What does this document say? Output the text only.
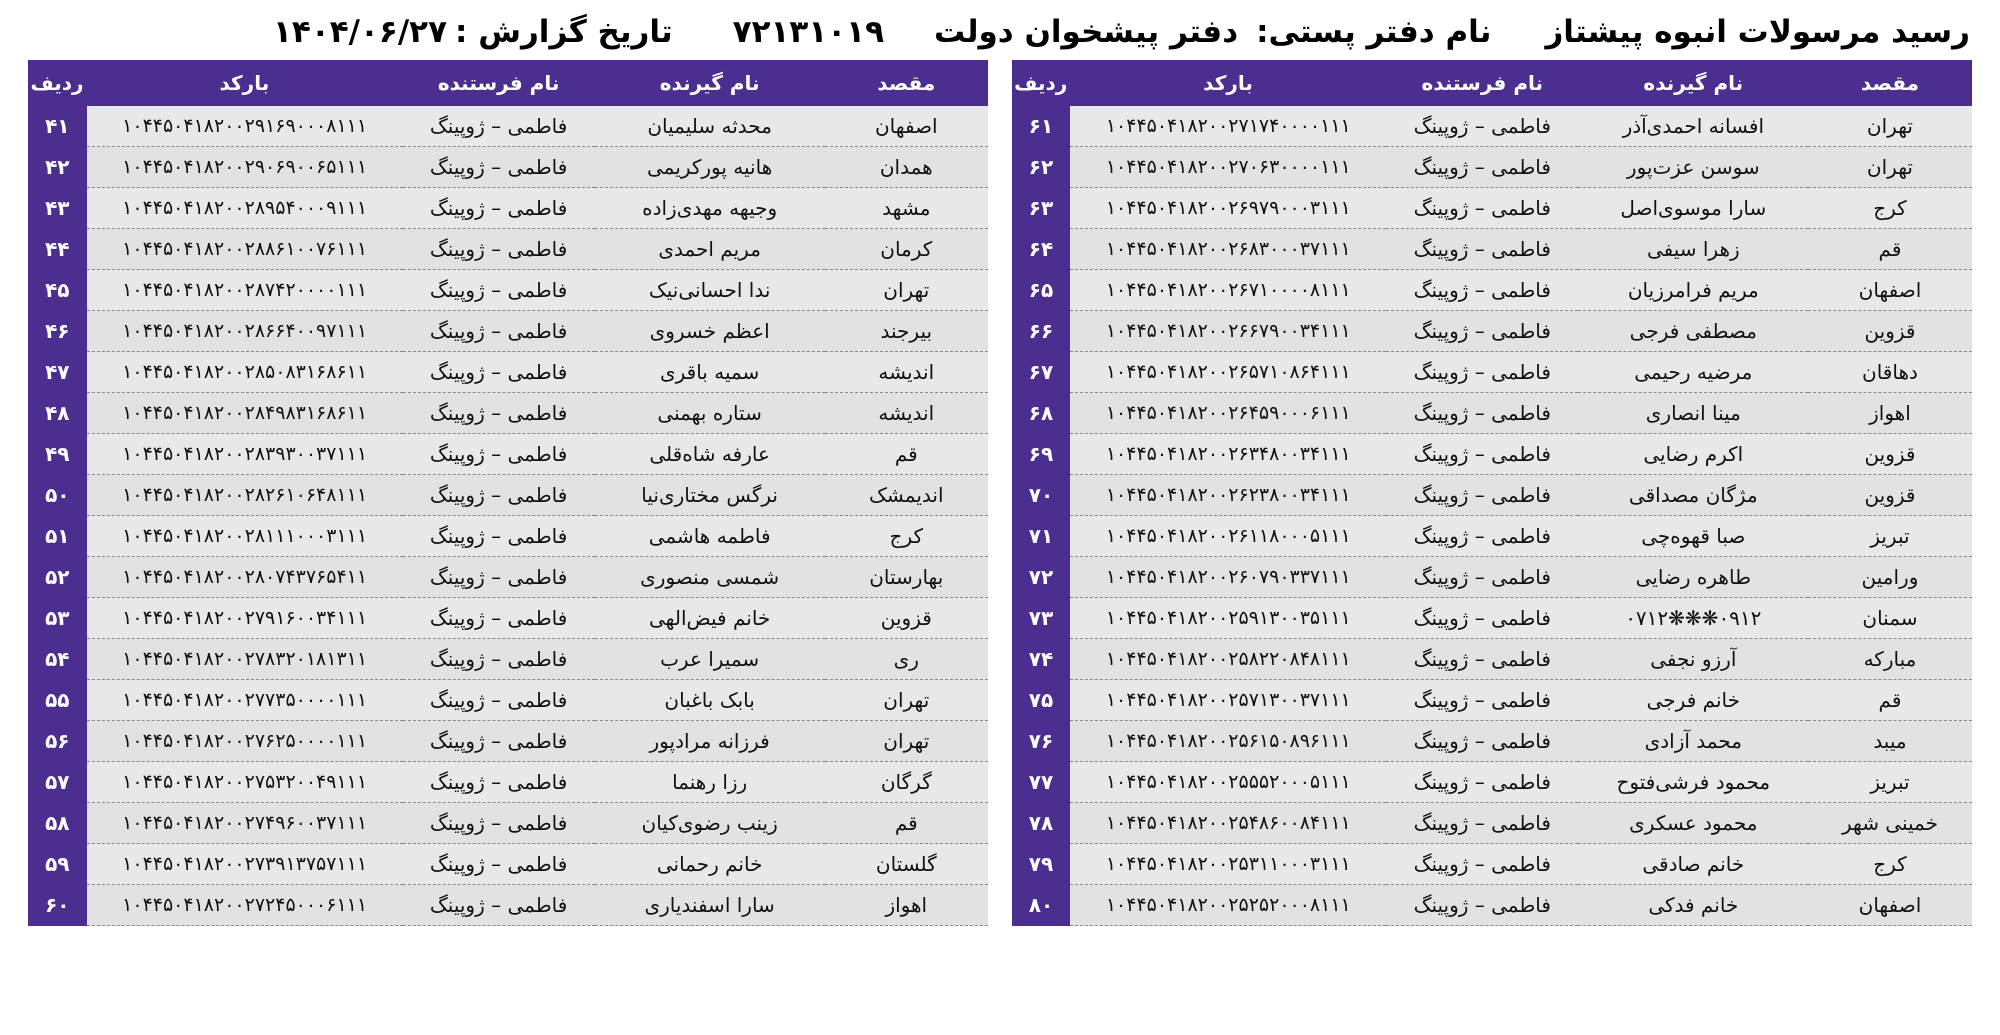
رسید مرسولات انبوه پیشتاز
نام دفتر پستی:
دفتر پیشخوان دولت
۷۲۱۳۱۰۱۹
تاریخ گزارش :
۱۴۰۴/۰۶/۲۷
مقصد	نام گیرنده	نام فرستنده	بارکد	ردیف
تهران	افسانه احمدی‌آذر	فاطمی – ژوپینگ	۱۰۴۴۵۰۴۱۸۲۰۰۲۷۱۷۴۰۰۰۰۱۱۱	۶۱
تهران	سوسن عزت‌پور	فاطمی – ژوپینگ	۱۰۴۴۵۰۴۱۸۲۰۰۲۷۰۶۳۰۰۰۰۱۱۱	۶۲
کرج	سارا موسوی‌اصل	فاطمی – ژوپینگ	۱۰۴۴۵۰۴۱۸۲۰۰۲۶۹۷۹۰۰۰۳۱۱۱	۶۳
قم	زهرا سیفی	فاطمی – ژوپینگ	۱۰۴۴۵۰۴۱۸۲۰۰۲۶۸۳۰۰۰۳۷۱۱۱	۶۴
اصفهان	مریم فرامرزیان	فاطمی – ژوپینگ	۱۰۴۴۵۰۴۱۸۲۰۰۲۶۷۱۰۰۰۰۸۱۱۱	۶۵
قزوین	مصطفی فرجی	فاطمی – ژوپینگ	۱۰۴۴۵۰۴۱۸۲۰۰۲۶۶۷۹۰۰۳۴۱۱۱	۶۶
دهاقان	مرضیه رحیمی	فاطمی – ژوپینگ	۱۰۴۴۵۰۴۱۸۲۰۰۲۶۵۷۱۰۸۶۴۱۱۱	۶۷
اهواز	مینا انصاری	فاطمی – ژوپینگ	۱۰۴۴۵۰۴۱۸۲۰۰۲۶۴۵۹۰۰۰۶۱۱۱	۶۸
قزوین	اکرم رضایی	فاطمی – ژوپینگ	۱۰۴۴۵۰۴۱۸۲۰۰۲۶۳۴۸۰۰۳۴۱۱۱	۶۹
قزوین	مژگان مصداقی	فاطمی – ژوپینگ	۱۰۴۴۵۰۴۱۸۲۰۰۲۶۲۳۸۰۰۳۴۱۱۱	۷۰
تبریز	صبا قهوه‌چی	فاطمی – ژوپینگ	۱۰۴۴۵۰۴۱۸۲۰۰۲۶۱۱۸۰۰۰۵۱۱۱	۷۱
ورامین	طاهره رضایی	فاطمی – ژوپینگ	۱۰۴۴۵۰۴۱۸۲۰۰۲۶۰۷۹۰۳۳۷۱۱۱	۷۲
سمنان	۰۹۱۲❋❋❋۰۷۱۲	فاطمی – ژوپینگ	۱۰۴۴۵۰۴۱۸۲۰۰۲۵۹۱۳۰۰۳۵۱۱۱	۷۳
مبارکه	آرزو نجفی	فاطمی – ژوپینگ	۱۰۴۴۵۰۴۱۸۲۰۰۲۵۸۲۲۰۸۴۸۱۱۱	۷۴
قم	خانم فرجی	فاطمی – ژوپینگ	۱۰۴۴۵۰۴۱۸۲۰۰۲۵۷۱۳۰۰۳۷۱۱۱	۷۵
میبد	محمد آزادی	فاطمی – ژوپینگ	۱۰۴۴۵۰۴۱۸۲۰۰۲۵۶۱۵۰۸۹۶۱۱۱	۷۶
تبریز	محمود فرشی‌فتوح	فاطمی – ژوپینگ	۱۰۴۴۵۰۴۱۸۲۰۰۲۵۵۵۲۰۰۰۵۱۱۱	۷۷
خمینی شهر	محمود عسکری	فاطمی – ژوپینگ	۱۰۴۴۵۰۴۱۸۲۰۰۲۵۴۸۶۰۰۸۴۱۱۱	۷۸
کرج	خانم صادقی	فاطمی – ژوپینگ	۱۰۴۴۵۰۴۱۸۲۰۰۲۵۳۱۱۰۰۰۳۱۱۱	۷۹
اصفهان	خانم فدکی	فاطمی – ژوپینگ	۱۰۴۴۵۰۴۱۸۲۰۰۲۵۲۵۲۰۰۰۸۱۱۱	۸۰
مقصد	نام گیرنده	نام فرستنده	بارکد	ردیف
اصفهان	محدثه سلیمیان	فاطمی – ژوپینگ	۱۰۴۴۵۰۴۱۸۲۰۰۲۹۱۶۹۰۰۰۸۱۱۱	۴۱
همدان	هانیه پورکریمی	فاطمی – ژوپینگ	۱۰۴۴۵۰۴۱۸۲۰۰۲۹۰۶۹۰۰۶۵۱۱۱	۴۲
مشهد	وجیهه مهدی‌زاده	فاطمی – ژوپینگ	۱۰۴۴۵۰۴۱۸۲۰۰۲۸۹۵۴۰۰۰۹۱۱۱	۴۳
کرمان	مریم احمدی	فاطمی – ژوپینگ	۱۰۴۴۵۰۴۱۸۲۰۰۲۸۸۶۱۰۰۷۶۱۱۱	۴۴
تهران	ندا احسانی‌نیک	فاطمی – ژوپینگ	۱۰۴۴۵۰۴۱۸۲۰۰۲۸۷۴۲۰۰۰۰۱۱۱	۴۵
بیرجند	اعظم خسروی	فاطمی – ژوپینگ	۱۰۴۴۵۰۴۱۸۲۰۰۲۸۶۶۴۰۰۹۷۱۱۱	۴۶
اندیشه	سمیه باقری	فاطمی – ژوپینگ	۱۰۴۴۵۰۴۱۸۲۰۰۲۸۵۰۸۳۱۶۸۶۱۱	۴۷
اندیشه	ستاره بهمنی	فاطمی – ژوپینگ	۱۰۴۴۵۰۴۱۸۲۰۰۲۸۴۹۸۳۱۶۸۶۱۱	۴۸
قم	عارفه شاه‌قلی	فاطمی – ژوپینگ	۱۰۴۴۵۰۴۱۸۲۰۰۲۸۳۹۳۰۰۳۷۱۱۱	۴۹
اندیمشک	نرگس مختاری‌نیا	فاطمی – ژوپینگ	۱۰۴۴۵۰۴۱۸۲۰۰۲۸۲۶۱۰۶۴۸۱۱۱	۵۰
کرج	فاطمه هاشمی	فاطمی – ژوپینگ	۱۰۴۴۵۰۴۱۸۲۰۰۲۸۱۱۱۰۰۰۳۱۱۱	۵۱
بهارستان	شمسی منصوری	فاطمی – ژوپینگ	۱۰۴۴۵۰۴۱۸۲۰۰۲۸۰۷۴۳۷۶۵۴۱۱	۵۲
قزوین	خانم فیض‌الهی	فاطمی – ژوپینگ	۱۰۴۴۵۰۴۱۸۲۰۰۲۷۹۱۶۰۰۳۴۱۱۱	۵۳
ری	سمیرا عرب	فاطمی – ژوپینگ	۱۰۴۴۵۰۴۱۸۲۰۰۲۷۸۳۲۰۱۸۱۳۱۱	۵۴
تهران	بابک باغبان	فاطمی – ژوپینگ	۱۰۴۴۵۰۴۱۸۲۰۰۲۷۷۳۵۰۰۰۰۱۱۱	۵۵
تهران	فرزانه مرادپور	فاطمی – ژوپینگ	۱۰۴۴۵۰۴۱۸۲۰۰۲۷۶۲۵۰۰۰۰۱۱۱	۵۶
گرگان	رزا رهنما	فاطمی – ژوپینگ	۱۰۴۴۵۰۴۱۸۲۰۰۲۷۵۳۲۰۰۴۹۱۱۱	۵۷
قم	زینب رضوی‌کیان	فاطمی – ژوپینگ	۱۰۴۴۵۰۴۱۸۲۰۰۲۷۴۹۶۰۰۳۷۱۱۱	۵۸
گلستان	خانم رحمانی	فاطمی – ژوپینگ	۱۰۴۴۵۰۴۱۸۲۰۰۲۷۳۹۱۳۷۵۷۱۱۱	۵۹
اهواز	سارا اسفندیاری	فاطمی – ژوپینگ	۱۰۴۴۵۰۴۱۸۲۰۰۲۷۲۴۵۰۰۰۶۱۱۱	۶۰
